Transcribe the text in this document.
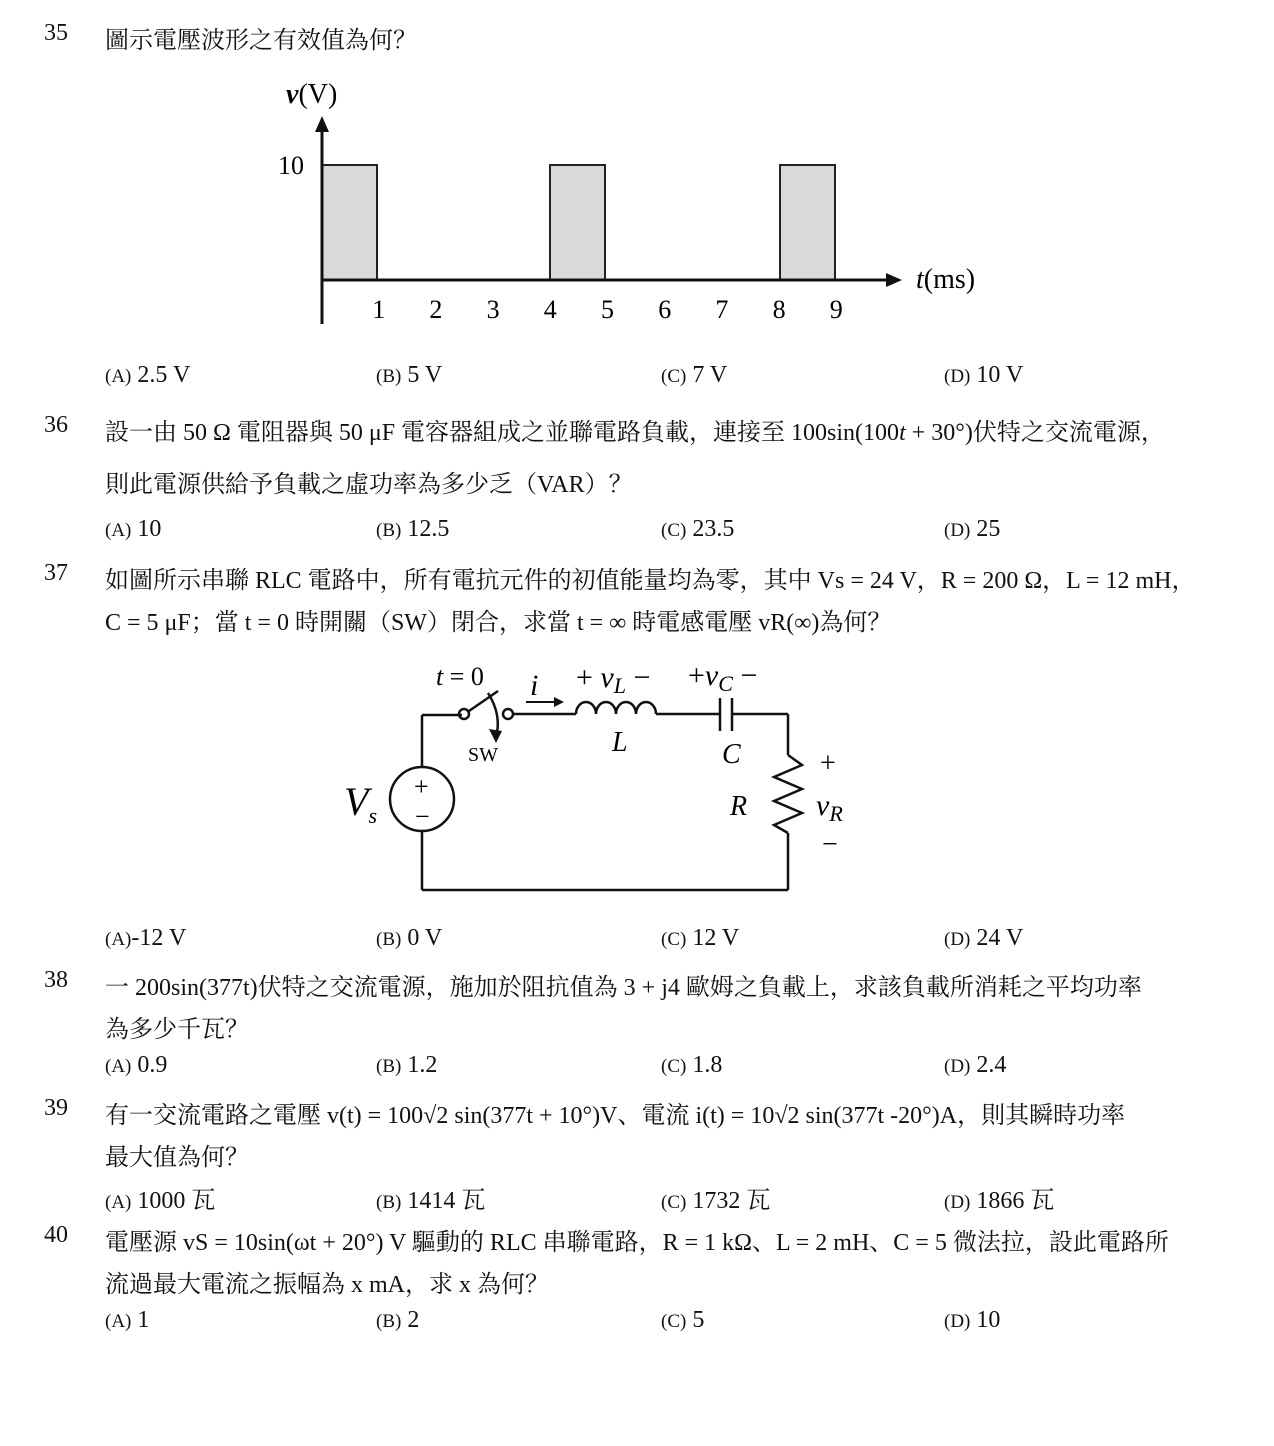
35 圖示電壓波形之有效值為何？
v(V)
10
t(ms)
1 2 3 4 5 6 7 8 9
(A) 2.5 V	(B) 5 V	(C) 7 V	(D) 10 V
36 設一由 50 Ω 電阻器與 50 μF 電容器組成之並聯電路負載，連接至 100sin(100t + 30°)伏特之交流電源，
則此電源供給予負載之虛功率為多少乏（VAR）？
(A) 10	(B) 12.5	(C) 23.5	(D) 25
37 如圖所示串聯 RLC 電路中，所有電抗元件的初值能量均為零，其中 Vs = 24 V，R = 200 Ω，L = 12 mH，
C = 5 μF；當 t = 0 時開關（SW）閉合，求當 t = ∞ 時電感電壓 vR(∞)為何？
t = 0 $i + v_L - +v_C$ −
SW	L	C
R
$V_s$
+
−
+
$v_R$
−
(A)-12 V	(B) 0 V	(C) 12 V	(D) 24 V
38 一 200sin(377t)伏特之交流電源，施加於阻抗值為 3 + j4 歐姆之負載上，求該負載所消耗之平均功率
為多少千瓦？
(A) 0.9	(B) 1.2	(C) 1.8	(D) 2.4
39 有一交流電路之電壓 v(t) = 100√2 sin(377t + 10°)V、電流 i(t) = 10√2 sin(377t -20°)A，則其瞬時功率
最大值為何？
(A) 1000 瓦	(B) 1414 瓦	(C) 1732 瓦	(D) 1866 瓦
40 電壓源 vS = 10sin(ωt + 20°) V 驅動的 RLC 串聯電路，R = 1 kΩ、L = 2 mH、C = 5 微法拉，設此電路所
流過最大電流之振幅為 x mA，求 x 為何？
(A) 1	(B) 2	(C) 5	(D) 10
